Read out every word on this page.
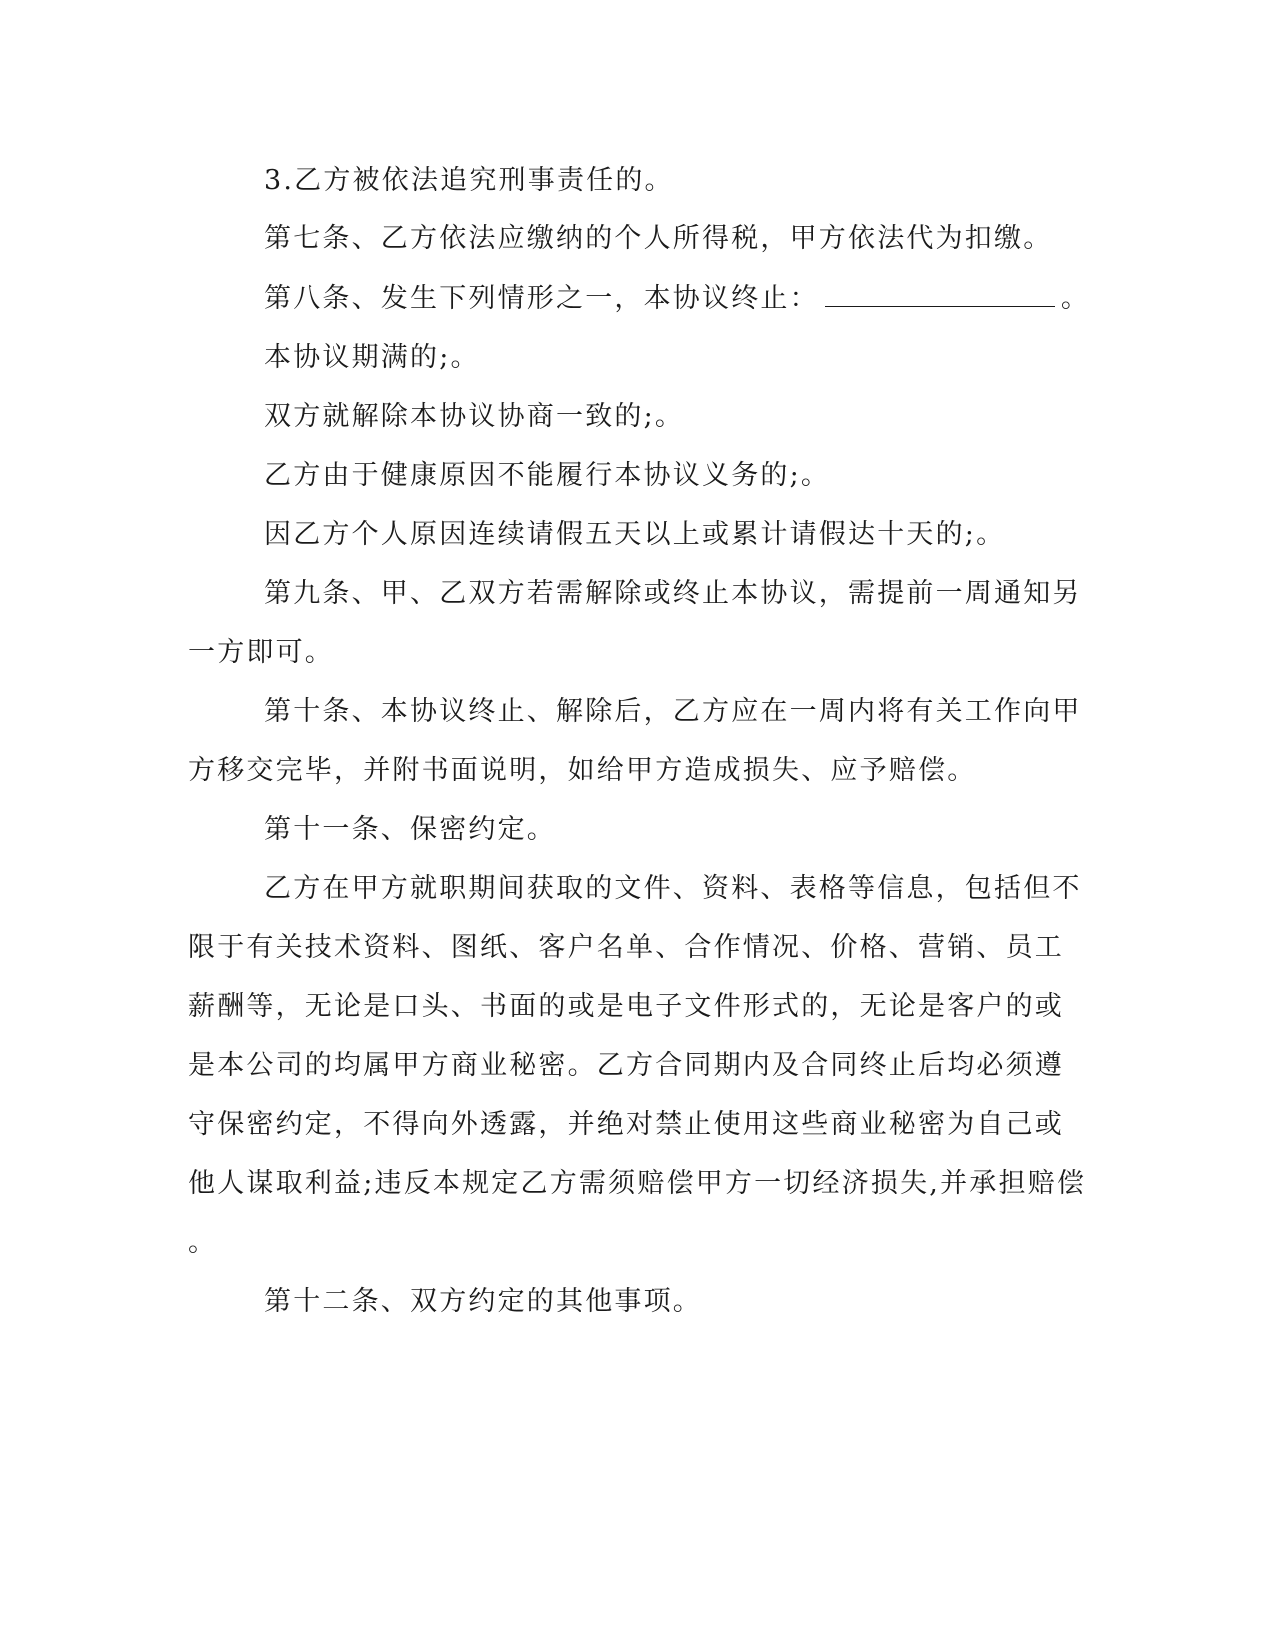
3.乙方被依法追究刑事责任的。
第七条、乙方依法应缴纳的个人所得税，甲方依法代为扣缴。
第八条、发生下列情形之一，本协议终止：	。
本协议期满的;。
双方就解除本协议协商一致的;。
乙方由于健康原因不能履行本协议义务的;。
因乙方个人原因连续请假五天以上或累计请假达十天的;。
第九条、甲、乙双方若需解除或终止本协议，需提前一周通知另
一方即可。
第十条、本协议终止、解除后，乙方应在一周内将有关工作向甲
方移交完毕，并附书面说明，如给甲方造成损失、应予赔偿。
第十一条、保密约定。
乙方在甲方就职期间获取的文件、资料、表格等信息，包括但不
限于有关技术资料、图纸、客户名单、合作情况、价格、营销、员工
薪酬等，无论是口头、书面的或是电子文件形式的，无论是客户的或
是本公司的均属甲方商业秘密。乙方合同期内及合同终止后均必须遵
守保密约定，不得向外透露，并绝对禁止使用这些商业秘密为自己或
他人谋取利益;违反本规定乙方需须赔偿甲方一切经济损失,并承担赔偿
。
第十二条、双方约定的其他事项。
